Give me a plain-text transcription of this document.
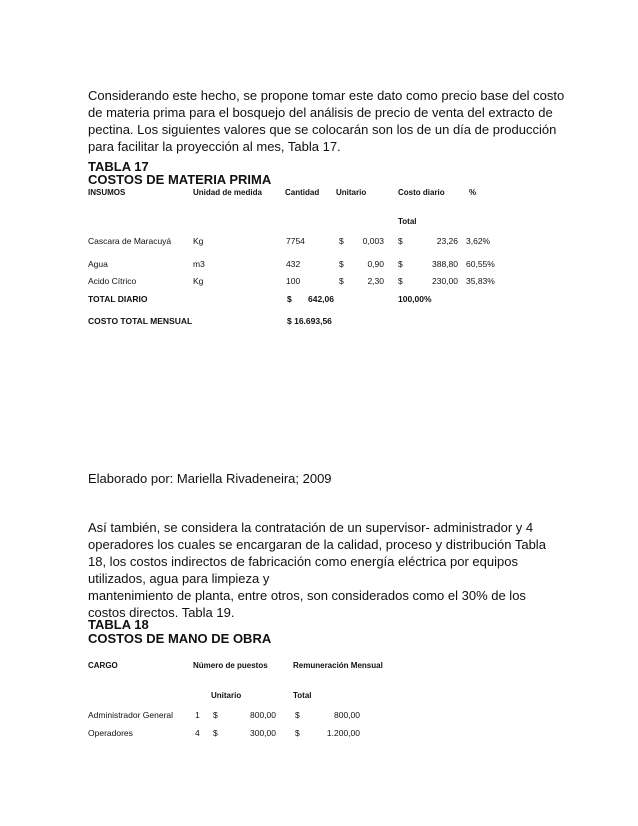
Considerando este hecho, se propone tomar este dato como precio base del costo
de materia prima para el bosquejo del análisis de precio de venta del extracto de
pectina. Los siguientes valores que se colocarán son los de un día de producción
para facilitar la proyección al mes, Tabla 17.
TABLA 17
COSTOS DE MATERIA PRIMA
INSUMOS	Unidad de medida	Cantidad Unitario	Costo diario	%
Total
Cascara de Maracuyá	Kg	7754	$	0,003 $	23,26 3,62%
Agua	m3	432	$	0,90 $	388,80 60,55%
Acido Cítrico	Kg	100	$	2,30 $	230,00 35,83%
TOTAL DIARIO	$ 642,06	100,00%
COSTO TOTAL MENSUAL	$ 16.693,56
Elaborado por: Mariella Rivadeneira; 2009
Así también, se considera la contratación de un supervisor- administrador y 4
operadores los cuales se encargaran de la calidad, proceso y distribución Tabla
18, los costos indirectos de fabricación como energía eléctrica por equipos
utilizados, agua para limpieza y
mantenimiento de planta, entre otros, son considerados como el 30% de los
costos directos. Tabla 19.
TABLA 18
COSTOS DE MANO DE OBRA
CARGO	Número de puestos	Remuneración Mensual
Unitario	Total
Administrador General	1 $	800,00 $	800,00
Operadores	4 $	300,00 $	1.200,00
